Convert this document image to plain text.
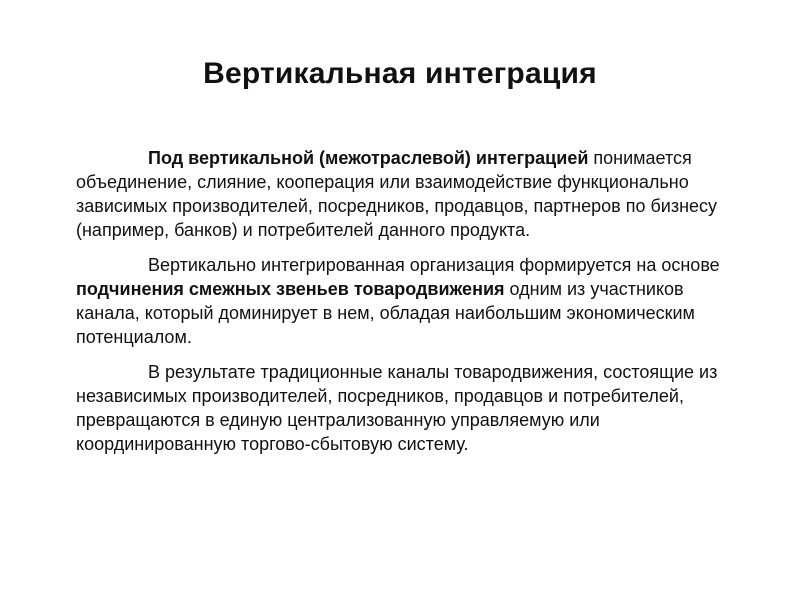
Вертикальная интеграция

Под вертикальной (межотраслевой) интеграцией понимается объединение, слияние, кооперация или взаимодействие функционально зависимых производителей, посредников, продавцов, партнеров по бизнесу (например, банков) и потребителей данного продукта.

Вертикально интегрированная организация формируется на основе подчинения смежных звеньев товародвижения одним из участников канала, который доминирует в нем, обладая наибольшим экономическим потенциалом.

В результате традиционные каналы товародвижения, состоящие из независимых производителей, посредников, продавцов и потребителей, превращаются в единую централизованную управляемую или координированную торгово-сбытовую систему.
